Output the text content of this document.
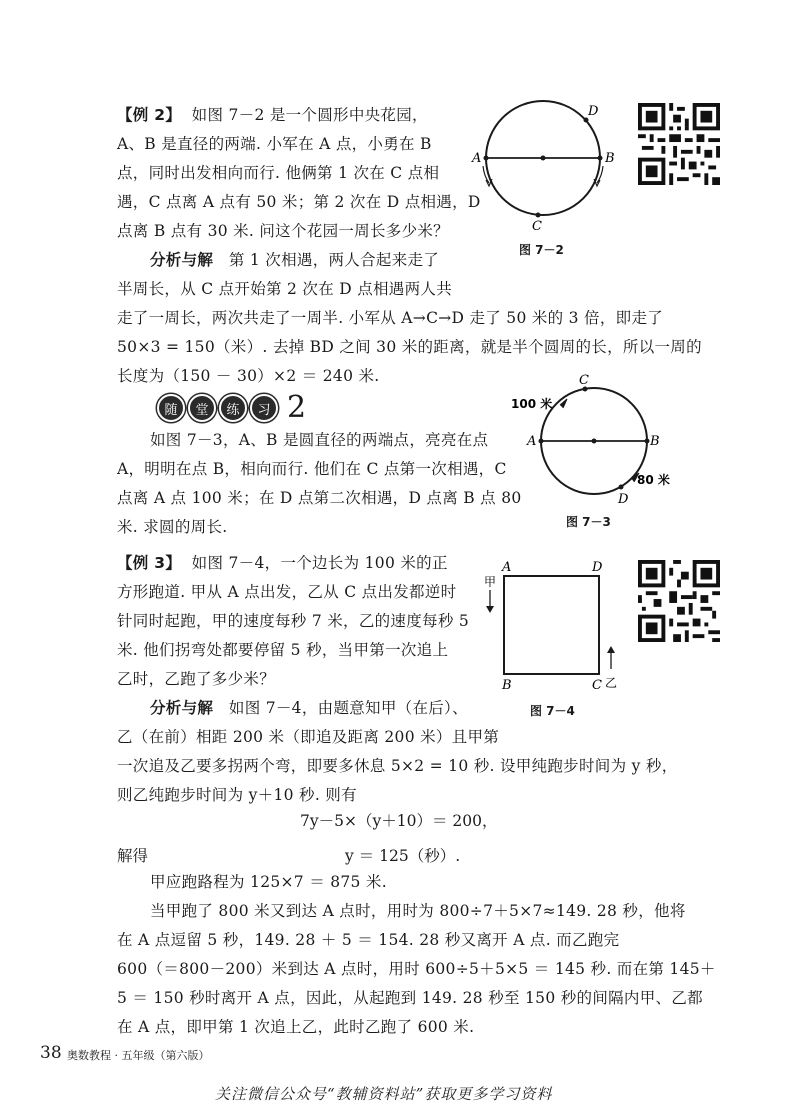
【例 2】 如图 7－2 是一个圆形中央花园，
A、B 是直径的两端. 小军在 A 点，小勇在 B
点，同时出发相向而行. 他俩第 1 次在 C 点相
遇，C 点离 A 点有 50 米；第 2 次在 D 点相遇，D
点离 B 点有 30 米. 问这个花园一周长多少米？
分析与解 第 1 次相遇，两人合起来走了
半周长，从 C 点开始第 2 次在 D 点相遇两人共
走了一周长，两次共走了一周半. 小军从 A→C→D 走了 50 米的 3 倍，即走了
50×3 = 150（米）. 去掉 BD 之间 30 米的距离，就是半个圆周的长，所以一周的
长度为（150 － 30）×2 ＝ 240 米.
A	B
C
D
图 7－2
随	堂	练	习 2
如图 7－3，A、B 是圆直径的两端点，亮亮在点
A，明明在点 B，相向而行. 他们在 C 点第一次相遇，C
点离 A 点 100 米；在 D 点第二次相遇，D 点离 B 点 80
米. 求圆的周长.
A	B
C
D
100 米
80 米
图 7－3
【例 3】 如图 7－4，一个边长为 100 米的正
方形跑道. 甲从 A 点出发，乙从 C 点出发都逆时
针同时起跑，甲的速度每秒 7 米，乙的速度每秒 5
米. 他们拐弯处都要停留 5 秒，当甲第一次追上
乙时，乙跑了多少米？
分析与解 如图 7－4，由题意知甲（在后）、
乙（在前）相距 200 米（即追及距离 200 米）且甲第
一次追及乙要多拐两个弯，即要多休息 5×2 = 10 秒. 设甲纯跑步时间为 y 秒，
则乙纯跑步时间为 y＋10 秒. 则有
7y－5×（y＋10）＝ 200，
解得	y ＝ 125（秒）.
甲应跑路程为 125×7 ＝ 875 米.
当甲跑了 800 米又到达 A 点时，用时为 800÷7＋5×7≈149. 28 秒，他将
在 A 点逗留 5 秒，149. 28 ＋ 5 ＝ 154. 28 秒又离开 A 点. 而乙跑完
600（＝800－200）米到达 A 点时，用时 600÷5＋5×5 ＝ 145 秒. 而在第 145＋
5 ＝ 150 秒时离开 A 点，因此，从起跑到 149. 28 秒至 150 秒的间隔内甲、乙都
在 A 点，即甲第 1 次追上乙，此时乙跑了 600 米.
A	D
B	C
甲
乙
图 7－4
38 奥数教程 · 五年级（第六版）
关注微信公众号“教辅资料站”获取更多学习资料
